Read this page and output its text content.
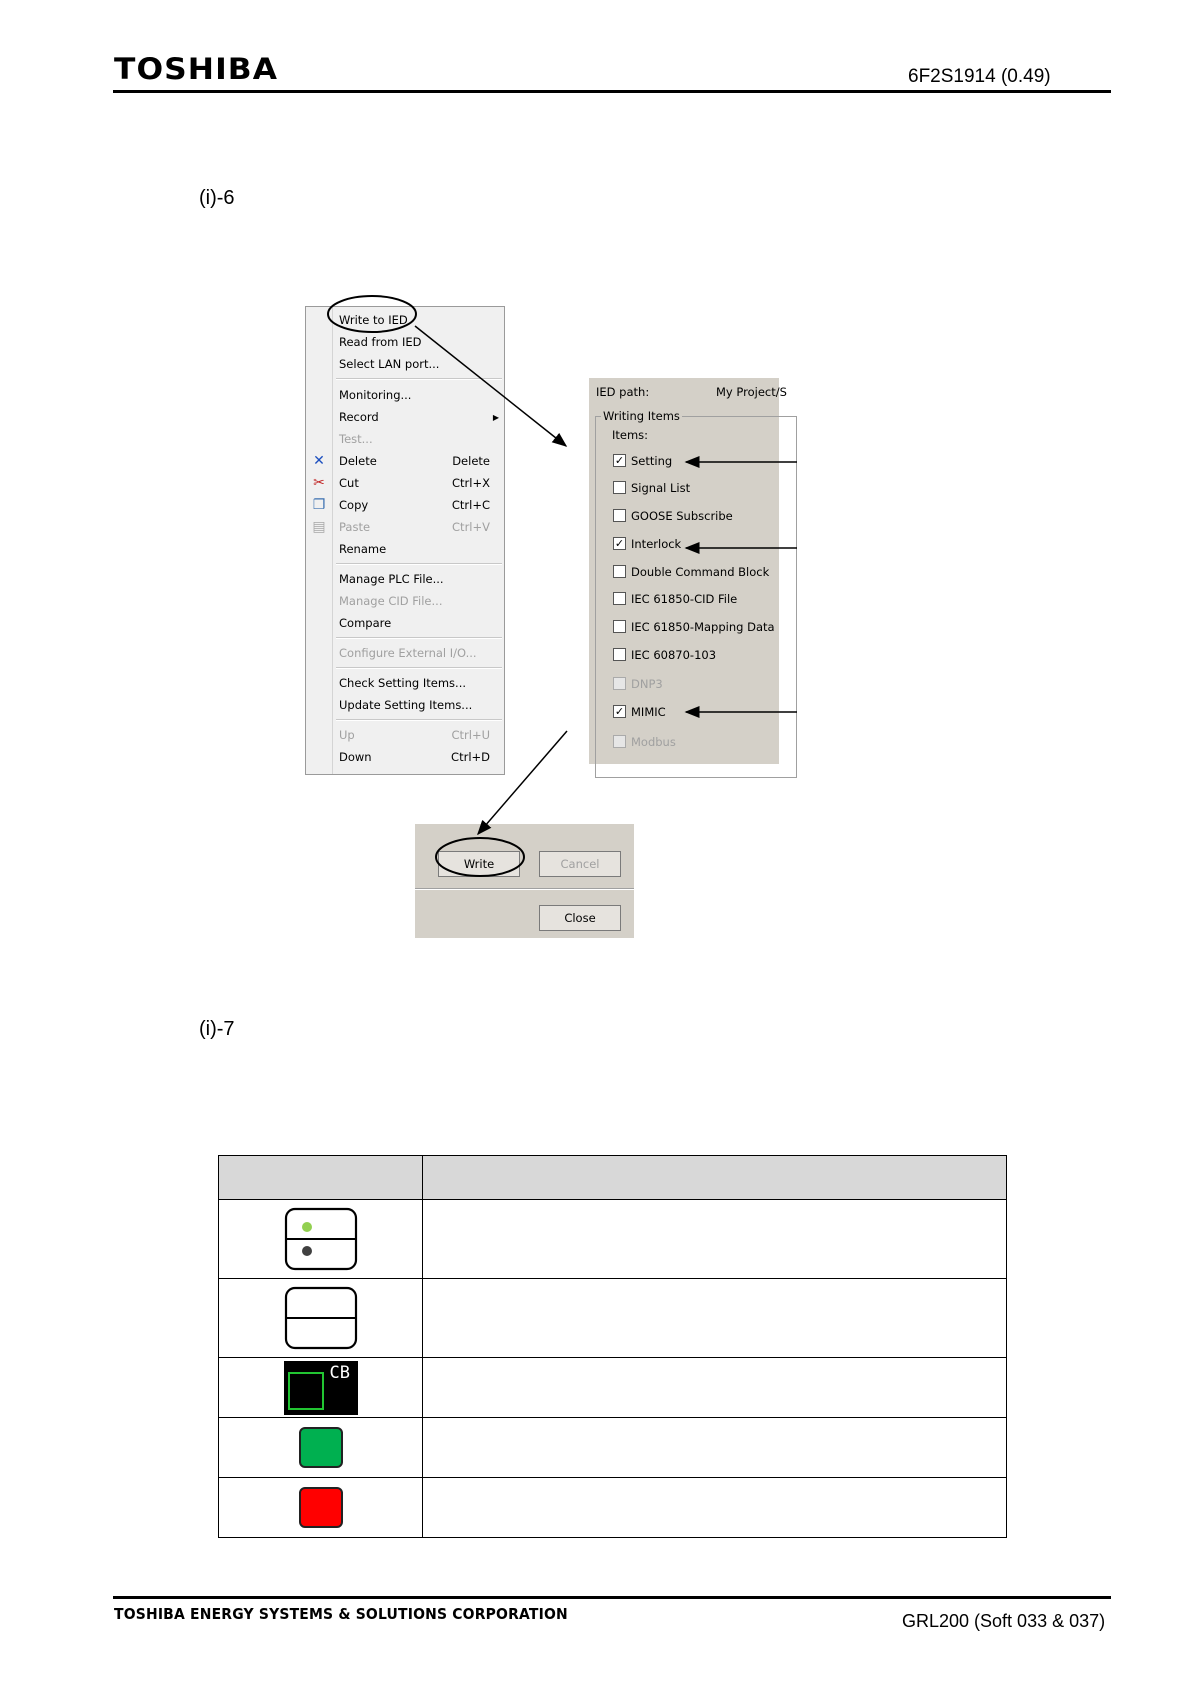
TOSHIBA	6F2S1914 (0.49)
(i)-6
Write to IED
Read from IED
Select LAN port...
Monitoring...
Record	▶
Test...
✕ Delete	Delete
✂ Cut	Ctrl+X
❐ Copy	Ctrl+C
▤ Paste	Ctrl+V
Rename
Manage PLC File...
Manage CID File...
Compare
Configure External I/O...
Check Setting Items...
Update Setting Items...
Up	Ctrl+U
Down	Ctrl+D
IED path:	My Project/S
Writing Items
Items:
✓ Setting
Signal List
GOOSE Subscribe
✓ Interlock
Double Command Block
IEC 61850-CID File
IEC 61850-Mapping Data
IEC 60870-103
DNP3
✓ MIMIC
Modbus
Write	Cancel
Close
(i)-7

CB	

TOSHIBA ENERGY SYSTEMS & SOLUTIONS CORPORATION	GRL200 (Soft 033 & 037)
